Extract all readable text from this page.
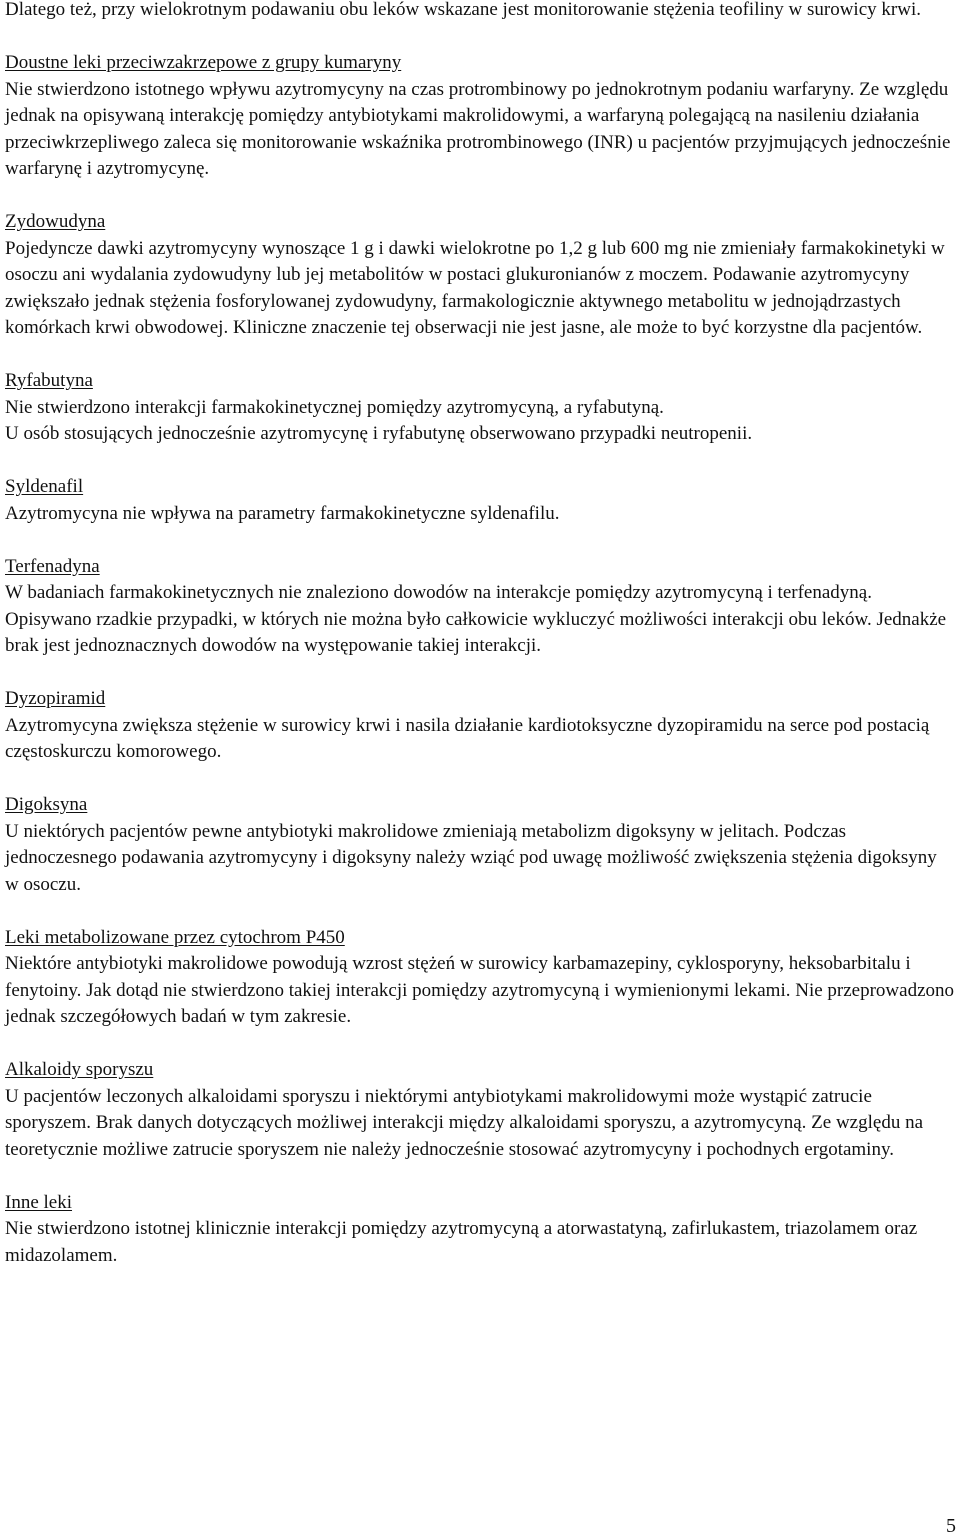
Dlatego też, przy wielokrotnym podawaniu obu leków wskazane jest monitorowanie stężenia teofiliny w surowicy krwi.

Doustne leki przeciwzakrzepowe z grupy kumaryny

Nie stwierdzono istotnego wpływu azytromycyny na czas protrombinowy po jednokrotnym podaniu warfaryny. Ze względu jednak na opisywaną interakcję pomiędzy antybiotykami makrolidowymi, a warfaryną polegającą na nasileniu działania przeciwkrzepliwego zaleca się monitorowanie wskaźnika protrombinowego (INR) u pacjentów przyjmujących jednocześnie warfarynę i azytromycynę.

Zydowudyna

Pojedyncze dawki azytromycyny wynoszące 1 g i dawki wielokrotne po 1,2 g lub 600 mg nie zmieniały farmakokinetyki w osoczu ani wydalania zydowudyny lub jej metabolitów w postaci glukuronianów z moczem. Podawanie azytromycyny zwiększało jednak stężenia fosforylowanej zydowudyny, farmakologicznie aktywnego metabolitu w jednojądrzastych komórkach krwi obwodowej. Kliniczne znaczenie tej obserwacji nie jest jasne, ale może to być korzystne dla pacjentów.

Ryfabutyna

Nie stwierdzono interakcji farmakokinetycznej pomiędzy azytromycyną, a ryfabutyną.

U osób stosujących jednocześnie azytromycynę i ryfabutynę obserwowano przypadki neutropenii.

Syldenafil

Azytromycyna nie wpływa na parametry farmakokinetyczne syldenafilu.

Terfenadyna

W badaniach farmakokinetycznych nie znaleziono dowodów na interakcje pomiędzy azytromycyną i terfenadyną. Opisywano rzadkie przypadki, w których nie można było całkowicie wykluczyć możliwości interakcji obu leków. Jednakże brak jest jednoznacznych dowodów na występowanie takiej interakcji.

Dyzopiramid

Azytromycyna zwiększa stężenie w surowicy krwi i nasila działanie kardiotoksyczne dyzopiramidu na serce pod postacią częstoskurczu komorowego.

Digoksyna

U niektórych pacjentów pewne antybiotyki makrolidowe zmieniają metabolizm digoksyny w jelitach. Podczas jednoczesnego podawania azytromycyny i digoksyny należy wziąć pod uwagę możliwość zwiększenia stężenia digoksyny w osoczu.

Leki metabolizowane przez cytochrom P450

Niektóre antybiotyki makrolidowe powodują wzrost stężeń w surowicy karbamazepiny, cyklosporyny, heksobarbitalu i fenytoiny. Jak dotąd nie stwierdzono takiej interakcji pomiędzy azytromycyną i wymienionymi lekami. Nie przeprowadzono jednak szczegółowych badań w tym zakresie.

Alkaloidy sporyszu

U pacjentów leczonych alkaloidami sporyszu i niektórymi antybiotykami makrolidowymi może wystąpić zatrucie sporyszem. Brak danych dotyczących możliwej interakcji między alkaloidami sporyszu, a azytromycyną. Ze względu na teoretycznie możliwe zatrucie sporyszem nie należy jednocześnie stosować azytromycyny i pochodnych ergotaminy.

Inne leki

Nie stwierdzono istotnej klinicznie interakcji pomiędzy azytromycyną a atorwastatyną, zafirlukastem, triazolamem oraz midazolamem.

5
